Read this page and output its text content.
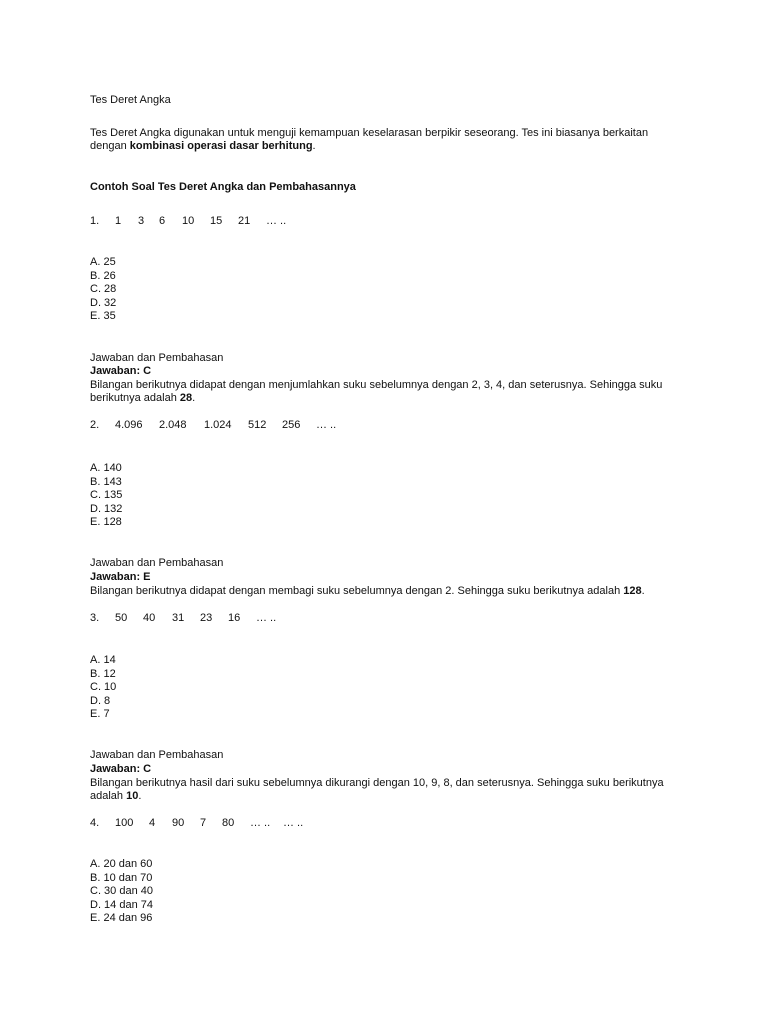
Tes Deret Angka
Tes Deret Angka digunakan untuk menguji kemampuan keselarasan berpikir seseorang. Tes ini biasanya berkaitan dengan kombinasi operasi dasar berhitung.
Contoh Soal Tes Deret Angka dan Pembahasannya
1. 1 3 6 10 15 21 … ..
A. 25
B. 26
C. 28
D. 32
E. 35
Jawaban dan Pembahasan
Jawaban: C
Bilangan berikutnya didapat dengan menjumlahkan suku sebelumnya dengan 2, 3, 4, dan seterusnya. Sehingga suku berikutnya adalah 28.
2. 4.096 2.048 1.024 512 256 … ..
A. 140
B. 143
C. 135
D. 132
E. 128
Jawaban dan Pembahasan
Jawaban: E
Bilangan berikutnya didapat dengan membagi suku sebelumnya dengan 2. Sehingga suku berikutnya adalah 128.
3. 50 40 31 23 16 … ..
A. 14
B. 12
C. 10
D. 8
E. 7
Jawaban dan Pembahasan
Jawaban: C
Bilangan berikutnya hasil dari suku sebelumnya dikurangi dengan 10, 9, 8, dan seterusnya. Sehingga suku berikutnya adalah 10.
4. 100 4 90 7 80 … .. … ..
A. 20 dan 60
B. 10 dan 70
C. 30 dan 40
D. 14 dan 74
E. 24 dan 96
